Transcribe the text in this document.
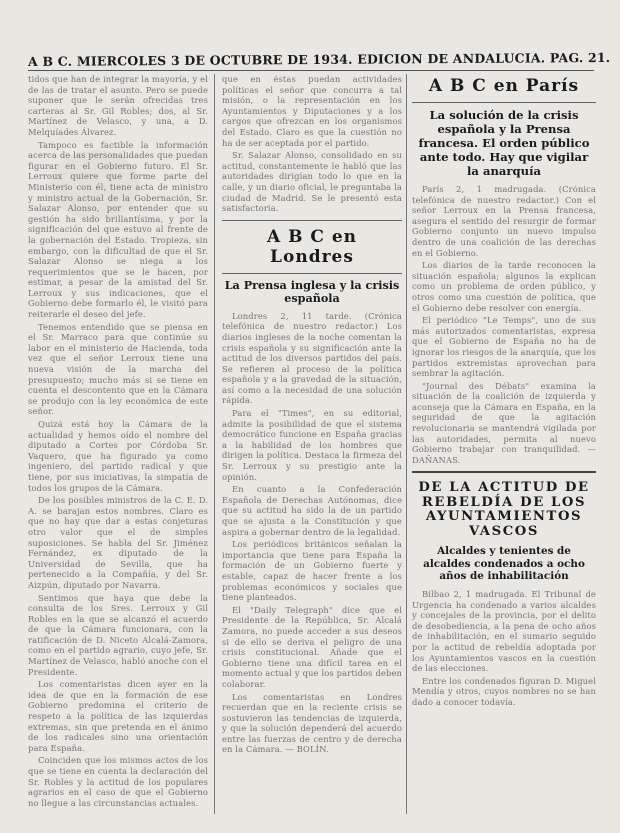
A B C. MIERCOLES 3 DE OCTUBRE DE 1934. EDICION DE ANDALUCIA. PAG. 21.

tidos que han de integrar la mayoría, y el de las de tratar el asunto. Pero se puede suponer que le serán ofrecidas tres carteras al Sr. Gil Robles; dos, al Sr. Martínez de Velasco, y una, a D. Melquíades Álvarez.

Tampoco es factible la información acerca de las personalidades que puedan figurar en el Gobierno futuro. El Sr. Lerroux quiere que forme parte del Ministerio con él, tiene acta de ministro y ministro actual de la Gobernación, Sr. Salazar Alonso, por entender que su gestión ha sido brillantísima, y por la significación del que estuvo al frente de la gobernación del Estado. Tropieza, sin embargo, con la dificultad de que el Sr. Salazar Alonso se niega a los requerimientos que se le hacen, por estimar, a pesar de la amistad del Sr. Lerroux y sus indicaciones, que el Gobierno debe formarlo él, le visitó para reiterarle el deseo del jefe.

Tenemos entendido que se piensa en el Sr. Marraco para que continúe su labor en el ministerio de Hacienda, toda vez que el señor Lerroux tiene una nueva visión de la marcha del presupuesto; mucho más si se tiene en cuenta el descontento que en la Cámara se produjo con la ley económica de este señor.

Quizá está hoy la Cámara de la actualidad y hemos oído el nombre del diputado a Cortes por Córdoba Sr. Vaquero, que ha figurado ya como ingeniero, del partido radical y que tiene, por sus iniciativas, la simpatía de todos los grupos de la Cámara.

De los posibles ministros de la C. E. D. A. se barajan estos nombres. Claro es que no hay que dar a estas conjeturas otro valor que el de simples suposiciones. Se habla del Sr. Jiménez Fernández, ex diputado de la Universidad de Sevilla, que ha pertenecido a la Compañía, y del Sr. Aizpún, diputado por Navarra.

Sentimos que haya que debe la consulta de los Sres. Lerroux y Gil Robles en la que se alcanzó el acuerdo de que la Cámara funcionara, con la ratificación de D. Niceto Alcalá-Zamora, como en el partido agrario, cuyo jefe, Sr. Martínez de Velasco, habló anoche con el Presidente.

Los comentaristas dicen ayer en la idea de que en la formación de ese Gobierno predomina el criterio de respeto a la política de las izquierdas extremas, sin que pretenda en el ánimo de los radicales sino una orientación para España.

Coinciden que los mismos actos de los que se tiene en cuenta la declaración del Sr. Robles y la actitud de los populares agrarios en el caso de que el Gobierno no llegue a las circunstancias actuales.

que en éstas puedan actividades políticas el señor que concurra a tal misión, o la representación en los Ayuntamientos y Diputaciones y a los cargos que ofrezcan en los organismos del Estado. Claro es que la cuestión no ha de ser aceptada por el partido.

Sr. Salazar Alonso, consolidado en su actitud, constantemente le habló que las autoridades dirigían todo lo que en la calle, y un diario oficial, le preguntaba la ciudad de Madrid. Se le presentó esta satisfactoria.

A B C en Londres
La Prensa inglesa y la crisis española

Londres 2, 11 tarde. (Crónica telefónica de nuestro redactor.) Los diarios ingleses de la noche comentan la crisis española y su significación ante la actitud de los diversos partidos del país. Se refieren al proceso de la política española y a la gravedad de la situación, así como a la necesidad de una solución rápida.

Para el "Times", en su editorial, admite la posibilidad de que el sistema democrático funcione en España gracias a la habilidad de los hombres que dirigen la política. Destaca la firmeza del Sr. Lerroux y su prestigio ante la opinión.

En cuanto a la Confederación Española de Derechas Autónomas, dice que su actitud ha sido la de un partido que se ajusta a la Constitución y que aspira a gobernar dentro de la legalidad.

Los periódicos británicos señalan la importancia que tiene para España la formación de un Gobierno fuerte y estable, capaz de hacer frente a los problemas económicos y sociales que tiene planteados.

El "Daily Telegraph" dice que el Presidente de la República, Sr. Alcalá Zamora, no puede acceder a sus deseos si de ello se deriva el peligro de una crisis constitucional. Añade que el Gobierno tiene una difícil tarea en el momento actual y que los partidos deben colaborar.

Los comentaristas en Londres recuerdan que en la reciente crisis se sostuvieron las tendencias de izquierda, y que la solución dependerá del acuerdo entre las fuerzas de centro y de derecha en la Cámara. — BOLÍN.

A B C en París
La solución de la crisis española y la Prensa francesa. El orden público ante todo. Hay que vigilar la anarquía

París 2, 1 madrugada. (Crónica telefónica de nuestro redactor.) Con el señor Lerroux en la Prensa francesa, asegura el sentido del resurgir de formar Gobierno conjunto un nuevo impulso dentro de una coalición de las derechas en el Gobierno.

Los diarios de la tarde reconocen la situación española; algunos la explican como un problema de orden público, y otros como una cuestión de política, que el Gobierno debe resolver con energía.

El periódico "Le Temps", uno de sus más autorizados comentaristas, expresa que el Gobierno de España no ha de ignorar los riesgos de la anarquía, que los partidos extremistas aprovechan para sembrar la agitación.

"Journal des Débats" examina la situación de la coalición de izquierda y aconseja que la Cámara en España, en la seguridad de que la agitación revolucionaria se mantendrá vigilada por las autoridades, permita al nuevo Gobierno trabajar con tranquilidad. — DAÑANAS.

DE LA ACTITUD DE REBELDÍA DE LOS AYUNTAMIENTOS VASCOS
Alcaldes y tenientes de alcaldes condenados a ocho años de inhabilitación

Bilbao 2, 1 madrugada. El Tribunal de Urgencia ha condenado a varios alcaldes y concejales de la provincia, por el delito de desobediencia, a la pena de ocho años de inhabilitación, en el sumario seguido por la actitud de rebeldía adoptada por los Ayuntamientos vascos en la cuestión de las elecciones.

Entre los condenados figuran D. Miguel Mendía y otros, cuyos nombres no se han dado a conocer todavía.
